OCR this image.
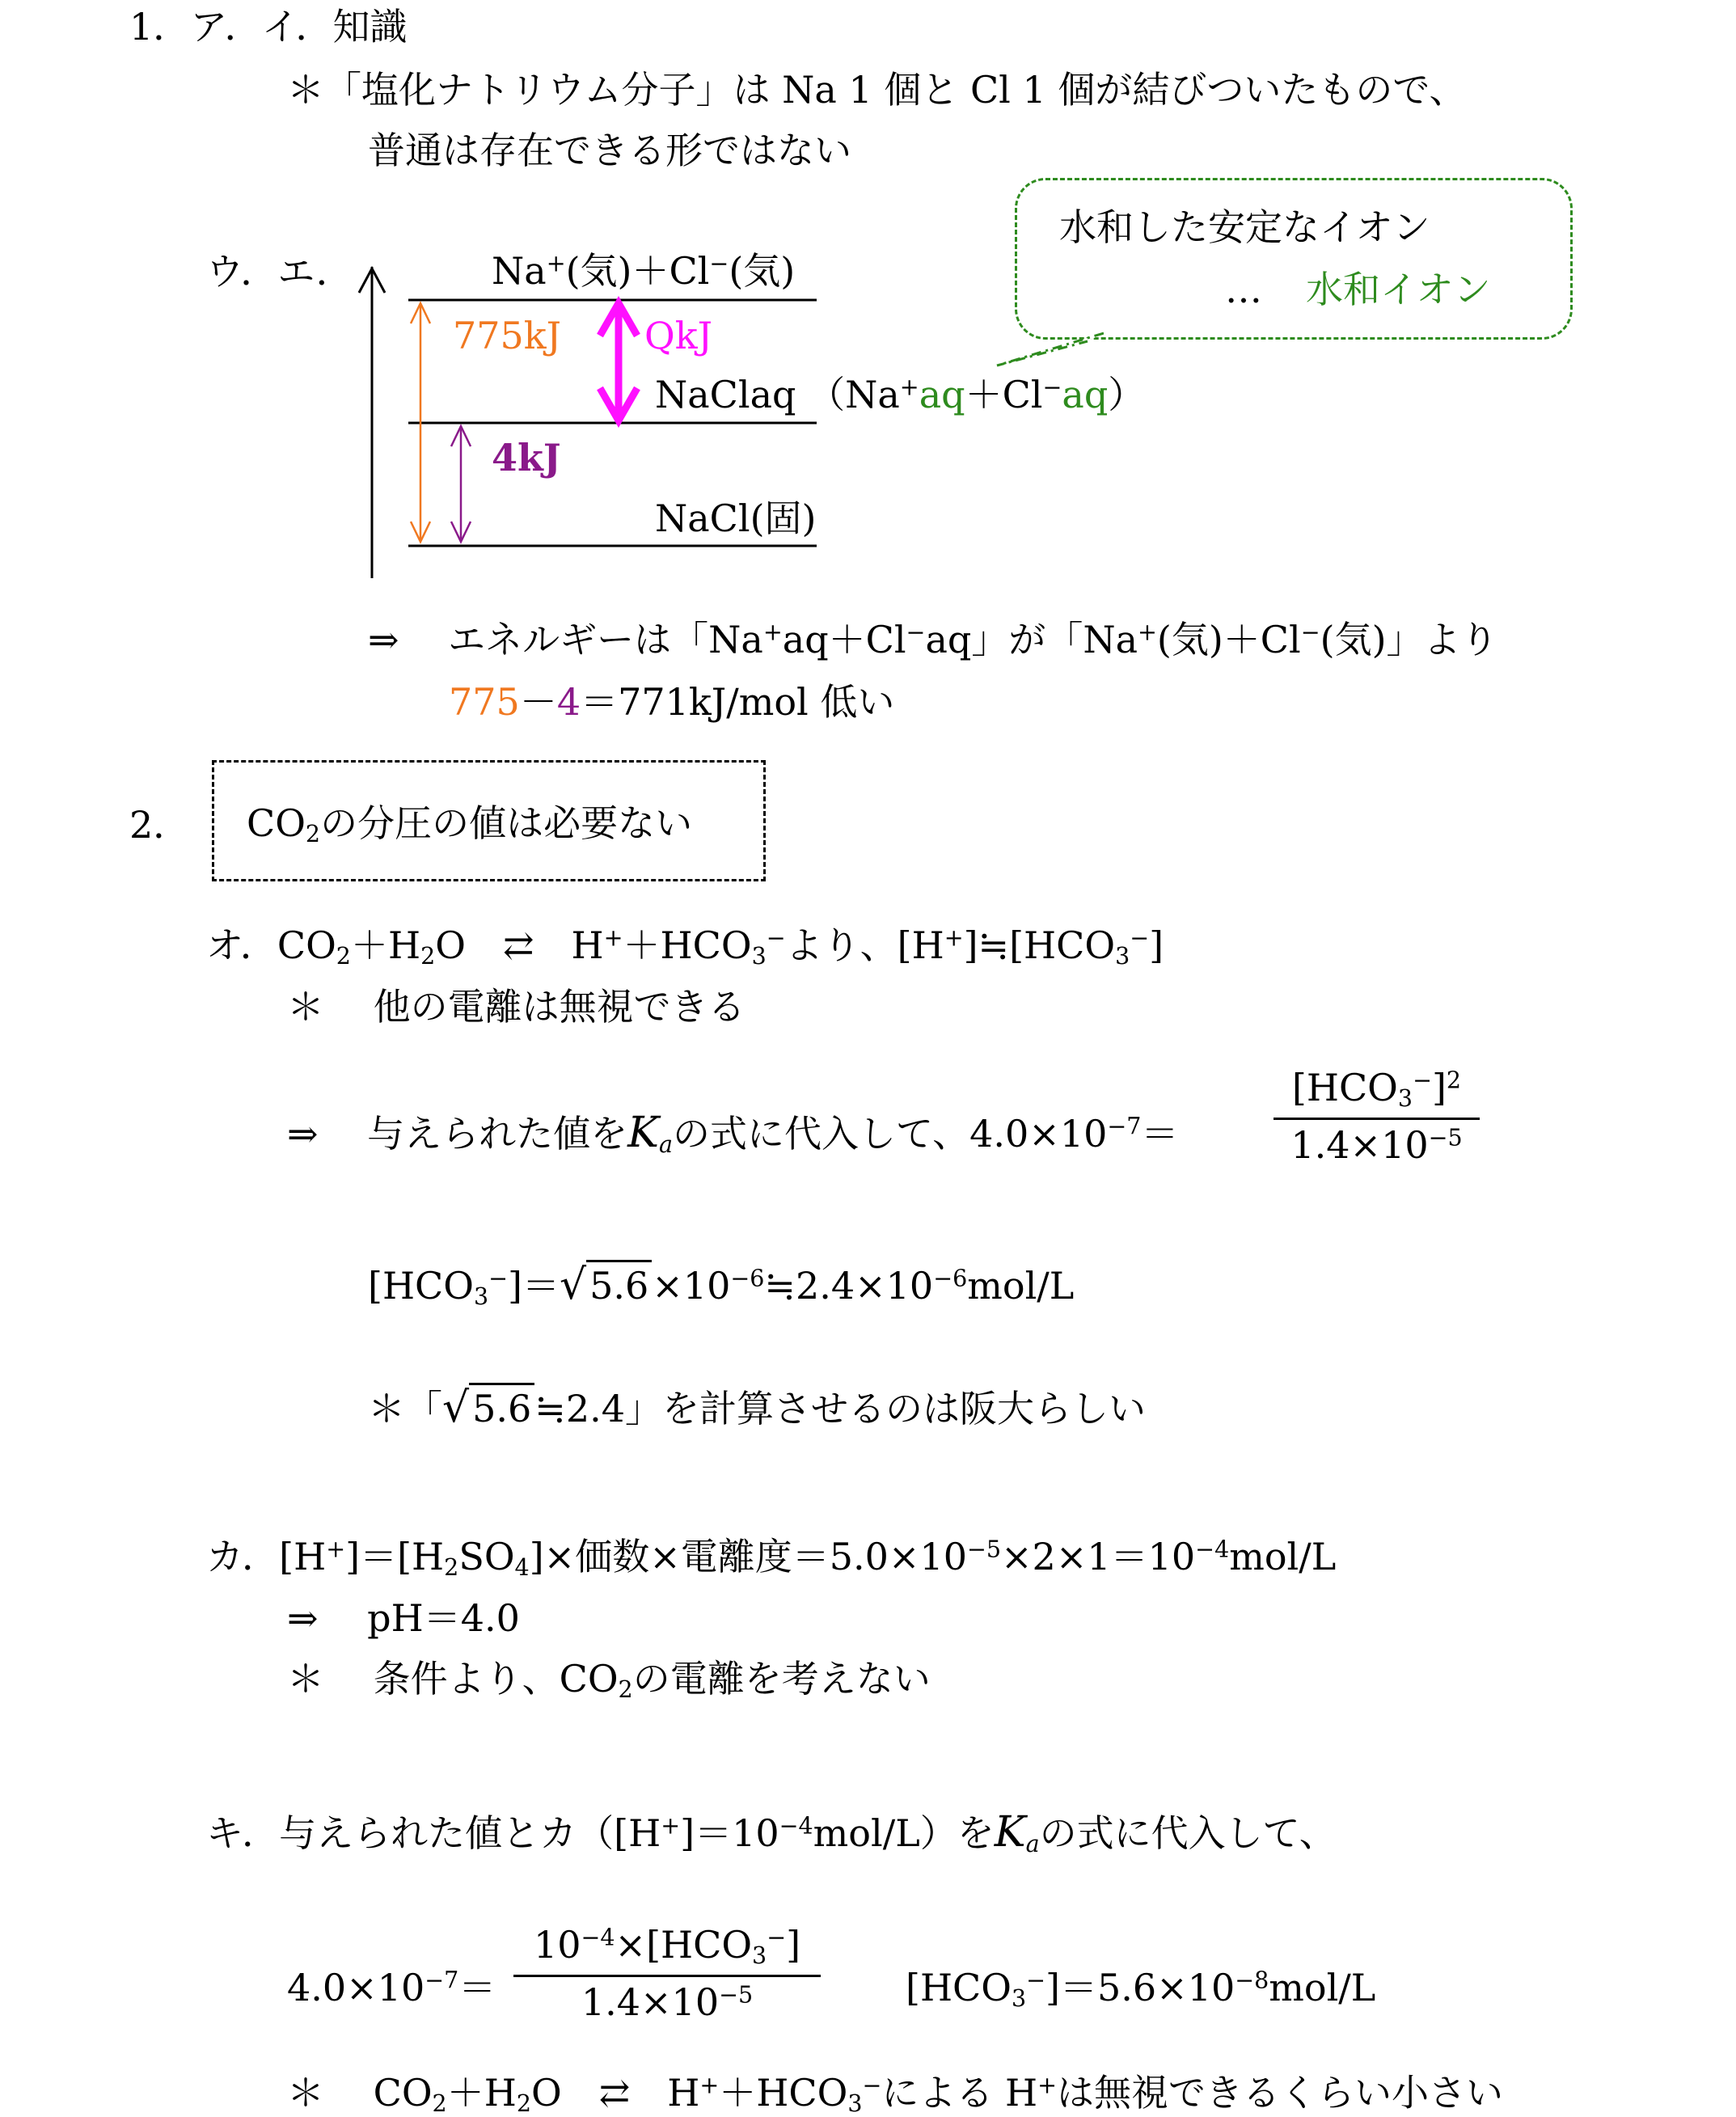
1．ア．イ．知識
＊「塩化ナトリウム分子」は Na 1 個と Cl 1 個が結びついたもので、
普通は存在できる形ではない
ウ．エ．	Na+(気)＋Cl−(気)
775kJ QkJ
NaClaq （Na+aq＋Cl−aq）
4kJ
NaCl(固)
水和した安定なイオン
… 水和イオン
⇒　 エネルギーは「Na+aq＋Cl−aq」が「Na+(気)＋Cl−(気)」より
775－4＝771kJ/mol 低い
2． $CO_2$の分圧の値は必要ない
オ．$CO_2+H_2O$　 ⇄　 $H^++HCO_3^-$より、$[H^+]≒[HCO_3^-]$
＊　 他の電離は無視できる
⇒　 与えられた値を$K_a$の式に代入して、$4.0\times 10^{-7}=$
$[HCO_3^-]^2$
$1.4\times 10^{-5}$
$[HCO_3^-]=√5.6\times 10^{-6}≒2.4\times 10^{-6}mol/L$
＊「√5.6≒2.4」を計算させるのは阪大らしい
カ．$[H^+]=[H_2SO_4]\times$価数×電離度$=5.0\times 10^{-5}\times 2\times 1=10^{-4}mol/L$
⇒　 pH＝4.0
＊　 条件より、$CO_2$の電離を考えない
キ．与えられた値とカ$([H^+]=10^{-4}mol/L)$を$K_a$の式に代入して、
$4.0\times 10^{-7}=$
$10^{-4}\times[HCO_3^-]$
$1.4\times 10^{-5}$	$[HCO_3^-]=5.6\times 10^{-8}mol/L$
＊　 $CO_2+H_2O$　 ⇄　 $H^++HCO_3^-$による H+は無視できるくらい小さい
